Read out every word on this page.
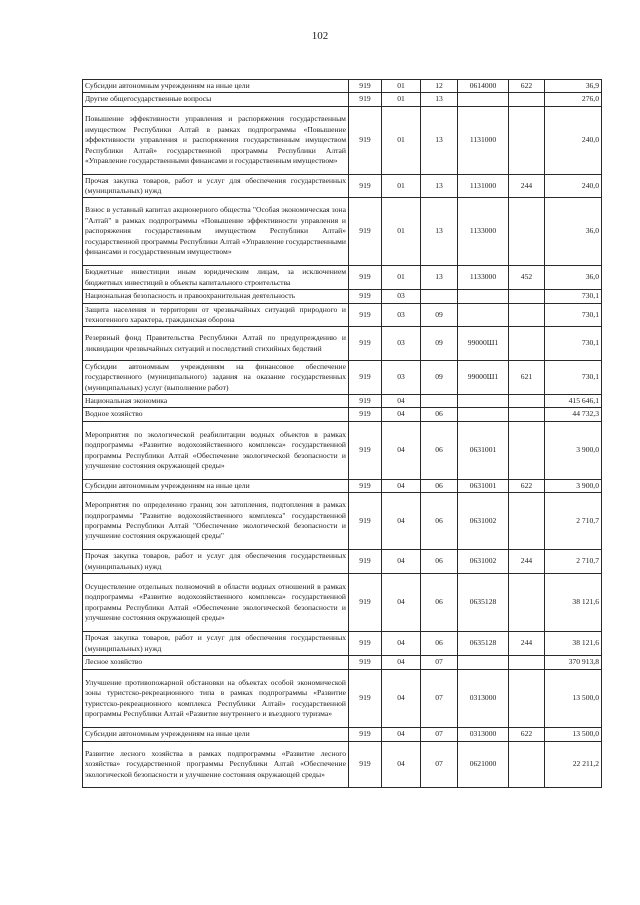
102
Субсидии автономным учреждениям на иные цели	919	01	12	0614000	622	36,9
Другие общегосударственные вопросы	919	01	13			276,0
Повышение эффективности управления и распоряжения государственным имуществом Республики Алтай в рамках подпрограммы «Повышение эффективности управления и распоряжения государственным имуществом Республики Алтай» государственной программы Республики Алтай «Управление государственными финансами и государственным имуществом»	919	01	13	1131000		240,0
Прочая закупка товаров, работ и услуг для обеспечения государственных (муниципальных) нужд	919	01	13	1131000	244	240,0
Взнос в уставный капитал акционерного общества "Особая экономическая зона "Алтай" в рамках подпрограммы «Повышение эффективности управления и распоряжения государственным имуществом Республики Алтай» государственной программы Республики Алтай «Управление государственными финансами и государственным имуществом»	919	01	13	1133000		36,0
Бюджетные инвестиции иным юридическим лицам, за исключением бюджетных инвестиций в объекты капитального строительства	919	01	13	1133000	452	36,0
Национальная безопасность и правоохранительная деятельность	919	03				730,1
Защита населения и территории от чрезвычайных ситуаций природного и техногенного характера, гражданская оборона	919	03	09			730,1
Резервный фонд Правительства Республики Алтай по предупреждению и ликвидации чрезвычайных ситуаций и последствий стихийных бедствий	919	03	09	99000Ш1		730,1
Субсидии автономным учреждениям на финансовое обеспечение государственного (муниципального) задания на оказание государственных (муниципальных) услуг (выполнение работ)	919	03	09	99000Ш1	621	730,1
Национальная экономика	919	04				415 646,1
Водное хозяйство	919	04	06			44 732,3
Мероприятия по экологической реабилитации водных объектов в рамках подпрограммы «Развитие водохозяйственного комплекса» государственной программы Республики Алтай «Обеспечение экологической безопасности и улучшение состояния окружающей среды»	919	04	06	0631001		3 900,0
Субсидии автономным учреждениям на иные цели	919	04	06	0631001	622	3 900,0
Мероприятия по определению границ зон затопления, подтопления в рамках подпрограммы "Развитие водохозяйственного комплекса" государственной программы Республики Алтай "Обеспечение экологической безопасности и улучшение состояния окружающей среды"	919	04	06	0631002		2 710,7
Прочая закупка товаров, работ и услуг для обеспечения государственных (муниципальных) нужд	919	04	06	0631002	244	2 710,7
Осуществление отдельных полномочий в области водных отношений в рамках подпрограммы «Развитие водохозяйственного комплекса» государственной программы Республики Алтай «Обеспечение экологической безопасности и улучшение состояния окружающей среды»	919	04	06	0635128		38 121,6
Прочая закупка товаров, работ и услуг для обеспечения государственных (муниципальных) нужд	919	04	06	0635128	244	38 121,6
Лесное хозяйство	919	04	07			370 913,8
Улучшение противопожарной обстановки на объектах особой экономической зоны туристско-рекреационного типа в рамках подпрограммы «Развитие туристско-рекреационного комплекса Республики Алтай» государственной программы Республики Алтай «Развитие внутреннего и въездного туризма»	919	04	07	0313000		13 500,0
Субсидии автономным учреждениям на иные цели	919	04	07	0313000	622	13 500,0
Развитие лесного хозяйства в рамках подпрограммы «Развитие лесного хозяйства» государственной программы Республики Алтай «Обеспечение экологической безопасности и улучшение состояния окружающей среды»	919	04	07	0621000		22 211,2
